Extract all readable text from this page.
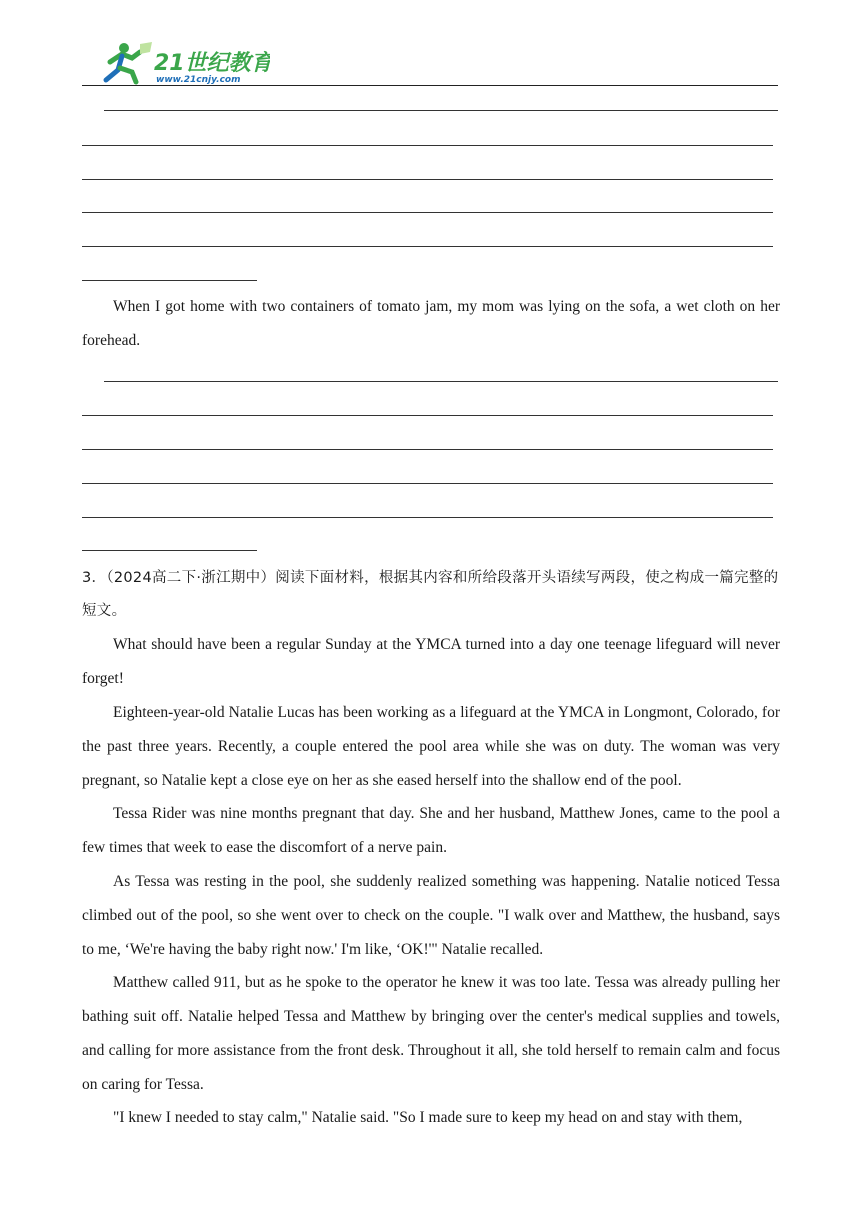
21世纪教育
www.21cnjy.com

When I got home with two containers of tomato jam, my mom was lying on the sofa, a wet cloth on her forehead.

3．（2024高二下·浙江期中）阅读下面材料，根据其内容和所给段落开头语续写两段，使之构成一篇完整的短文。

What should have been a regular Sunday at the YMCA turned into a day one teenage lifeguard will never forget!

Eighteen-year-old Natalie Lucas has been working as a lifeguard at the YMCA in Longmont, Colorado, for the past three years. Recently, a couple entered the pool area while she was on duty. The woman was very pregnant, so Natalie kept a close eye on her as she eased herself into the shallow end of the pool.

Tessa Rider was nine months pregnant that day. She and her husband, Matthew Jones, came to the pool a few times that week to ease the discomfort of a nerve pain.

As Tessa was resting in the pool, she suddenly realized something was happening. Natalie noticed Tessa climbed out of the pool, so she went over to check on the couple. "I walk over and Matthew, the husband, says to me, ‘We're having the baby right now.' I'm like, ‘OK!'" Natalie recalled.

Matthew called 911, but as he spoke to the operator he knew it was too late. Tessa was already pulling her bathing suit off. Natalie helped Tessa and Matthew by bringing over the center's medical supplies and towels, and calling for more assistance from the front desk. Throughout it all, she told herself to remain calm and focus on caring for Tessa.

"I knew I needed to stay calm," Natalie said. "So I made sure to keep my head on and stay with them,
